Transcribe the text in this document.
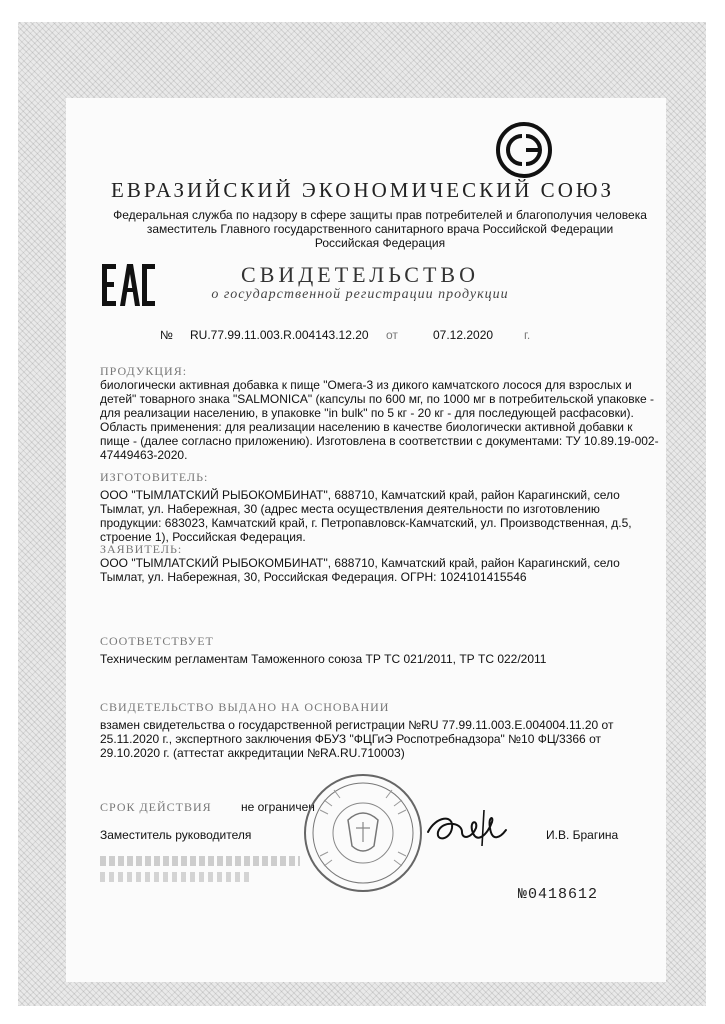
ЕВРАЗИЙСКИЙ ЭКОНОМИЧЕСКИЙ СОЮЗ
Федеральная служба по надзору в сфере защиты прав потребителей и благополучия человека
заместитель Главного государственного санитарного врача Российской Федерации
Российская Федерация
СВИДЕТЕЛЬСТВО
о государственной регистрации продукции
№ RU.77.99.11.003.R.004143.12.20 от	07.12.2020	г.
ПРОДУКЦИЯ:
биологически активная добавка к пище "Омега-3 из дикого камчатского лосося для взрослых и
детей" товарного знака "SALMONICA" (капсулы по 600 мг, по 1000 мг в потребительской упаковке -
для реализации населению, в упаковке "in bulk" по 5 кг - 20 кг - для последующей расфасовки).
Область применения: для реализации населению в качестве биологически активной добавки к
пище - (далее согласно приложению). Изготовлена в соответствии с документами: ТУ 10.89.19-002-
47449463-2020.
ИЗГОТОВИТЕЛЬ:
ООО "ТЫМЛАТСКИЙ РЫБОКОМБИНАТ", 688710, Камчатский край, район Карагинский, село
Тымлат, ул. Набережная, 30 (адрес места осуществления деятельности по изготовлению
продукции: 683023, Камчатский край, г. Петропавловск-Камчатский, ул. Производственная, д.5,
строение 1), Российская Федерация.
ЗАЯВИТЕЛЬ:
ООО "ТЫМЛАТСКИЙ РЫБОКОМБИНАТ", 688710, Камчатский край, район Карагинский, село
Тымлат, ул. Набережная, 30, Российская Федерация. ОГРН: 1024101415546
СООТВЕТСТВУЕТ
Техническим регламентам Таможенного союза ТР ТС 021/2011, ТР ТС 022/2011
СВИДЕТЕЛЬСТВО ВЫДАНО НА ОСНОВАНИИ
взамен свидетельства о государственной регистрации №RU 77.99.11.003.E.004004.11.20 от
25.11.2020 г., экспертного заключения ФБУЗ "ФЦГиЭ Роспотребнадзора" №10 ФЦ/3366 от
29.10.2020 г. (аттестат аккредитации №RA.RU.710003)
СРОК ДЕЙСТВИЯ не ограничен
Заместитель руководителя	И.В. Брагина
№0418612
